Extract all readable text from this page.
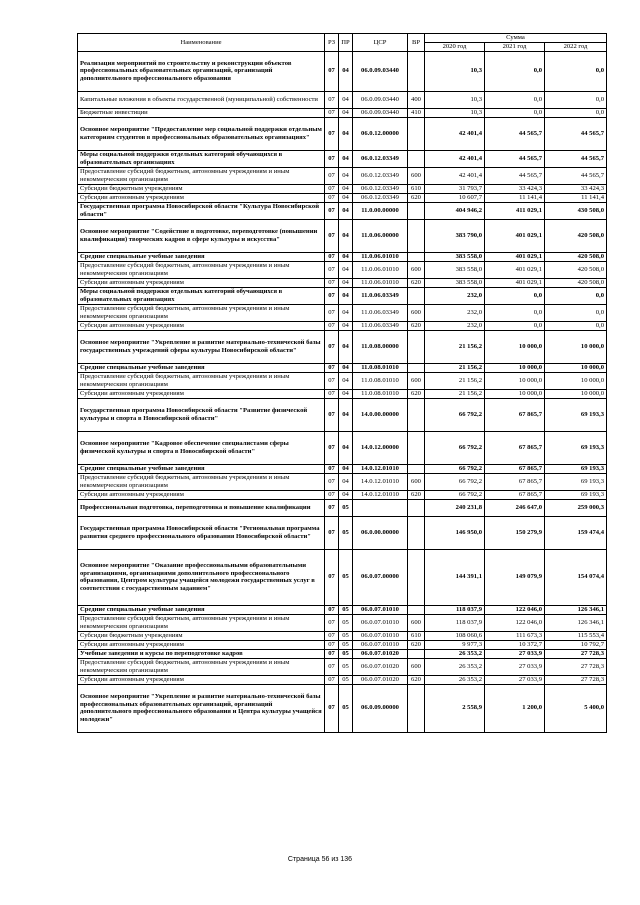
Наименование	РЗ	ПР	ЦСР	ВР	Сумма		
					2020 год	2021 год	2022 год
Реализация мероприятий по строительству и реконструкции объектов профессиональных образовательных организаций, организаций дополнительного профессионального образования	07	04	06.0.09.03440		10,3	0,0	0,0
Капитальные вложения в объекты государственной (муниципальной) собственности	07	04	06.0.09.03440	400	10,3	0,0	0,0
Бюджетные инвестиции	07	04	06.0.09.03440	410	10,3	0,0	0,0
Основное мероприятие "Предоставление мер социальной поддержки отдельным категориям студентов в профессиональных образовательных организациях"	07	04	06.0.12.00000		42 401,4	44 565,7	44 565,7
Меры социальной поддержки отдельных категорий обучающихся в образовательных организациях	07	04	06.0.12.03349		42 401,4	44 565,7	44 565,7
Предоставление субсидий бюджетным, автономным учреждениям и иным некоммерческим организациям	07	04	06.0.12.03349	600	42 401,4	44 565,7	44 565,7
Субсидии бюджетным учреждениям	07	04	06.0.12.03349	610	31 793,7	33 424,3	33 424,3
Субсидии автономным учреждениям	07	04	06.0.12.03349	620	10 607,7	11 141,4	11 141,4
Государственная программа Новосибирской области "Культура Новосибирской области"	07	04	11.0.00.00000		404 946,2	411 029,1	430 508,0
Основное мероприятие "Содействие в подготовке, переподготовке (повышении квалификации) творческих кадров в сфере культуры и искусства"	07	04	11.0.06.00000		383 790,0	401 029,1	420 508,0
Средние специальные учебные заведения	07	04	11.0.06.01010		383 558,0	401 029,1	420 508,0
Предоставление субсидий бюджетным, автономным учреждениям и иным некоммерческим организациям	07	04	11.0.06.01010	600	383 558,0	401 029,1	420 508,0
Субсидии автономным учреждениям	07	04	11.0.06.01010	620	383 558,0	401 029,1	420 508,0
Меры социальной поддержки отдельных категорий обучающихся в образовательных организациях	07	04	11.0.06.03349		232,0	0,0	0,0
Предоставление субсидий бюджетным, автономным учреждениям и иным некоммерческим организациям	07	04	11.0.06.03349	600	232,0	0,0	0,0
Субсидии автономным учреждениям	07	04	11.0.06.03349	620	232,0	0,0	0,0
Основное мероприятие "Укрепление и развитие материально-технической базы государственных учреждений сферы культуры Новосибирской области"	07	04	11.0.08.00000		21 156,2	10 000,0	10 000,0
Средние специальные учебные заведения	07	04	11.0.08.01010		21 156,2	10 000,0	10 000,0
Предоставление субсидий бюджетным, автономным учреждениям и иным некоммерческим организациям	07	04	11.0.08.01010	600	21 156,2	10 000,0	10 000,0
Субсидии автономным учреждениям	07	04	11.0.08.01010	620	21 156,2	10 000,0	10 000,0
Государственная программа Новосибирской области "Развитие физической культуры и спорта в Новосибирской области"	07	04	14.0.00.00000		66 792,2	67 865,7	69 193,3
Основное мероприятие "Кадровое обеспечение специалистами сферы физической культуры и спорта в Новосибирской области"	07	04	14.0.12.00000		66 792,2	67 865,7	69 193,3
Средние специальные учебные заведения	07	04	14.0.12.01010		66 792,2	67 865,7	69 193,3
Предоставление субсидий бюджетным, автономным учреждениям и иным некоммерческим организациям	07	04	14.0.12.01010	600	66 792,2	67 865,7	69 193,3
Субсидии автономным учреждениям	07	04	14.0.12.01010	620	66 792,2	67 865,7	69 193,3
Профессиональная подготовка, переподготовка и повышение квалификации	07	05			240 231,8	246 647,0	259 000,3
Государственная программа Новосибирской области "Региональная программа развития среднего профессионального образования Новосибирской области"	07	05	06.0.00.00000		146 950,0	150 279,9	159 474,4
Основное мероприятие "Оказание профессиональными образовательными организациями, организациями дополнительного профессионального образования, Центром культуры учащейся молодежи государственных услуг в соответствии с государственным заданием"	07	05	06.0.07.00000		144 391,1	149 079,9	154 074,4
Средние специальные учебные заведения	07	05	06.0.07.01010		118 037,9	122 046,0	126 346,1
Предоставление субсидий бюджетным, автономным учреждениям и иным некоммерческим организациям	07	05	06.0.07.01010	600	118 037,9	122 046,0	126 346,1
Субсидии бюджетным учреждениям	07	05	06.0.07.01010	610	108 060,6	111 673,3	115 553,4
Субсидии автономным учреждениям	07	05	06.0.07.01010	620	9 977,3	10 372,7	10 792,7
Учебные заведения и курсы по переподготовке кадров	07	05	06.0.07.01020		26 353,2	27 033,9	27 728,3
Предоставление субсидий бюджетным, автономным учреждениям и иным некоммерческим организациям	07	05	06.0.07.01020	600	26 353,2	27 033,9	27 728,3
Субсидии автономным учреждениям	07	05	06.0.07.01020	620	26 353,2	27 033,9	27 728,3
Основное мероприятие "Укрепление и развитие материально-технической базы профессиональных образовательных организаций, организаций дополнительного профессионального образования и Центра культуры учащейся молодежи"	07	05	06.0.09.00000		2 558,9	1 200,0	5 400,0
Страница 56 из 136
